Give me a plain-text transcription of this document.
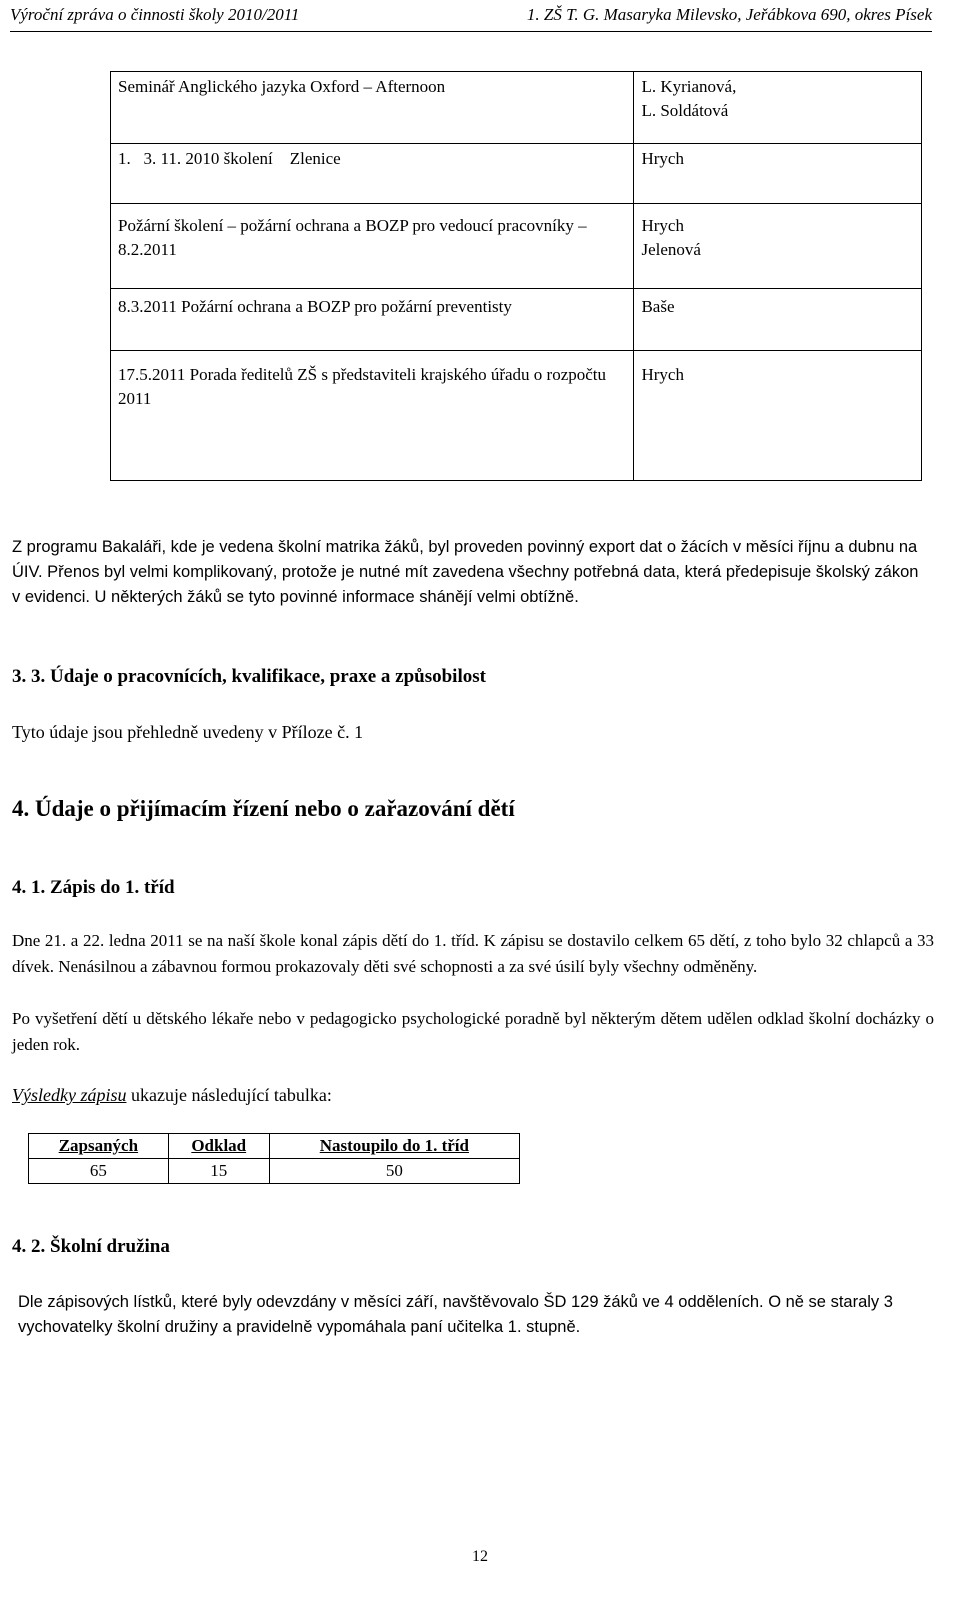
Výroční zpráva o činnosti školy 2010/2011	1. ZŠ T. G. Masaryka Milevsko, Jeřábkova 690, okres Písek
Seminář Anglického jazyka Oxford – Afternoon	L. Kyrianová,
L. Soldátová
1.   3. 11. 2010 školení    Zlenice	Hrych
Požární školení – požární ochrana a BOZP pro vedoucí pracovníky – 8.2.2011	Hrych
Jelenová
8.3.2011 Požární ochrana a BOZP pro požární preventisty	Baše
17.5.2011 Porada ředitelů ZŠ s představiteli krajského úřadu o rozpočtu 2011	Hrych
Z programu Bakaláři, kde je vedena školní matrika žáků, byl proveden povinný export dat o žácích v měsíci říjnu a dubnu na ÚIV. Přenos byl velmi komplikovaný, protože je nutné mít zavedena všechny potřebná data, která předepisuje školský zákon v evidenci. U některých žáků se tyto povinné informace shánějí velmi obtížně.
3. 3. Údaje o pracovnících, kvalifikace, praxe a způsobilost
Tyto údaje jsou přehledně uvedeny v Příloze č. 1
4. Údaje o přijímacím řízení nebo o zařazování dětí
4. 1. Zápis do 1. tříd
Dne 21. a 22. ledna 2011 se na naší škole konal zápis dětí do 1. tříd. K zápisu se dostavilo celkem 65 dětí, z toho bylo 32 chlapců a 33 dívek. Nenásilnou a zábavnou formou prokazovaly děti své schopnosti a za své úsilí byly všechny odměněny.
Po vyšetření dětí u dětského lékaře nebo v pedagogicko psychologické poradně byl některým dětem udělen odklad školní docházky o jeden rok.
Výsledky zápisu ukazuje následující tabulka:
Zapsaných	Odklad	Nastoupilo do 1. tříd
65	15	50
4. 2. Školní družina
Dle zápisových lístků, které byly odevzdány v měsíci září, navštěvovalo ŠD 129 žáků ve 4 odděleních. O ně se staraly 3 vychovatelky školní družiny a pravidelně vypomáhala paní učitelka 1. stupně.
12
